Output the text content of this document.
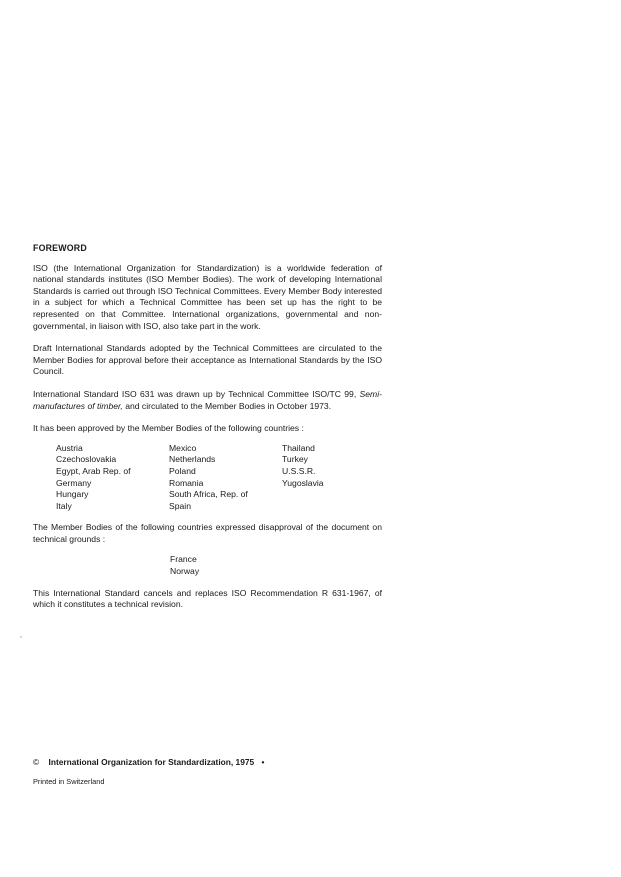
FOREWORD

ISO (the International Organization for Standardization) is a worldwide federation of national standards institutes (ISO Member Bodies). The work of developing International Standards is carried out through ISO Technical Committees. Every Member Body interested in a subject for which a Technical Committee has been set up has the right to be represented on that Committee. International organizations, governmental and non-governmental, in liaison with ISO, also take part in the work.

Draft International Standards adopted by the Technical Committees are circulated to the Member Bodies for approval before their acceptance as International Standards by the ISO Council.

International Standard ISO 631 was drawn up by Technical Committee ISO/TC 99, Semi-manufactures of timber, and circulated to the Member Bodies in October 1973.

It has been approved by the Member Bodies of the following countries :

Austria
Czechoslovakia
Egypt, Arab Rep. of
Germany
Hungary
Italy
Mexico
Netherlands
Poland
Romania
South Africa, Rep. of
Spain
Thailand
Turkey
U.S.S.R.
Yugoslavia

The Member Bodies of the following countries expressed disapproval of the document on technical grounds :

France
Norway

This International Standard cancels and replaces ISO Recommendation R 631-1967, of which it constitutes a technical revision.

© International Organization for Standardization, 1975 •
Printed in Switzerland
